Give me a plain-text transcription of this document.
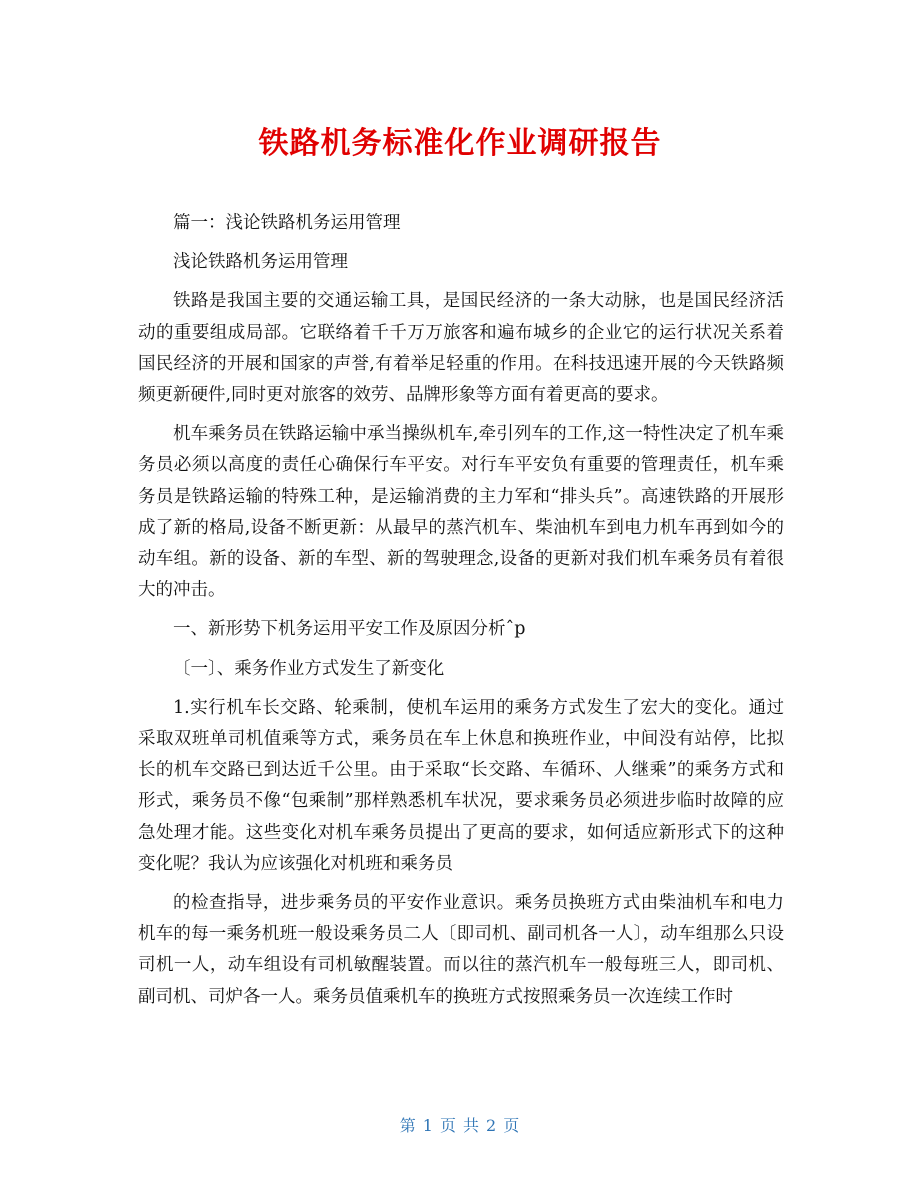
铁路机务标准化作业调研报告

篇一：浅论铁路机务运用管理

浅论铁路机务运用管理

铁路是我国主要的交通运输工具，是国民经济的一条大动脉，也是国民经济活动的重要组成局部。它联络着千千万万旅客和遍布城乡的企业它的运行状况关系着国民经济的开展和国家的声誉,有着举足轻重的作用。在科技迅速开展的今天铁路频频更新硬件,同时更对旅客的效劳、品牌形象等方面有着更高的要求。

机车乘务员在铁路运输中承当操纵机车,牵引列车的工作,这一特性决定了机车乘务员必须以高度的责任心确保行车平安。对行车平安负有重要的管理责任，机车乘务员是铁路运输的特殊工种，是运输消费的主力军和“排头兵”。高速铁路的开展形成了新的格局,设备不断更新：从最早的蒸汽机车、柴油机车到电力机车再到如今的动车组。新的设备、新的车型、新的驾驶理念,设备的更新对我们机车乘务员有着很大的冲击。

一、新形势下机务运用平安工作及原因分析ˆp

〔一〕、乘务作业方式发生了新变化

1.实行机车长交路、轮乘制，使机车运用的乘务方式发生了宏大的变化。通过采取双班单司机值乘等方式，乘务员在车上休息和换班作业，中间没有站停，比拟长的机车交路已到达近千公里。由于采取“长交路、车循环、人继乘”的乘务方式和形式，乘务员不像“包乘制”那样熟悉机车状况，要求乘务员必须进步临时故障的应急处理才能。这些变化对机车乘务员提出了更高的要求，如何适应新形式下的这种变化呢？我认为应该强化对机班和乘务员

的检查指导，进步乘务员的平安作业意识。乘务员换班方式由柴油机车和电力机车的每一乘务机班一般设乘务员二人〔即司机、副司机各一人〕，动车组那么只设司机一人，动车组设有司机敏醒装置。而以往的蒸汽机车一般每班三人，即司机、副司机、司炉各一人。乘务员值乘机车的换班方式按照乘务员一次连续工作时

第 1 页 共 2 页
